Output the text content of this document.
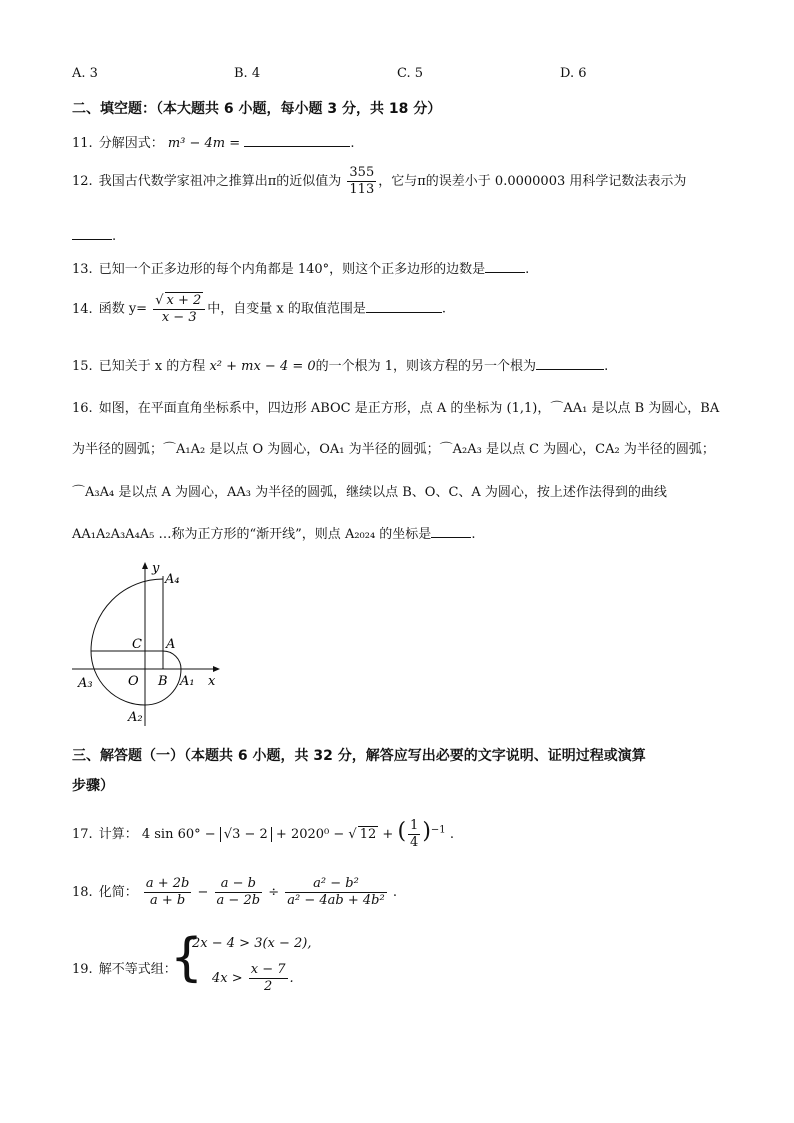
A. 3	B. 4	C. 5	D. 6
二、填空题：（本大题共 6 小题，每小题 3 分，共 18 分）
11. 分解因式： m³ − 4m =	.
12. 我国古代数学家祖冲之推算出π的近似值为 $\frac{355}{113}$ ，它与π的误差小于 0.0000003 用科学记数法表示为
.
13. 已知一个正多边形的每个内角都是 140°，则这个正多边形的边数是	.
14. 函数 $y= \frac{√ x + 2}{x - 3}$ 中，自变量 x 的取值范围是	.
15. 已知关于 x 的方程 x² + mx − 4 = 0的一个根为 1，则该方程的另一个根为	.
16. 如图，在平面直角坐标系中，四边形 ABOC 是正方形，点 A 的坐标为 (1,1)，⌒AA₁ 是以点 B 为圆心，BA
为半径的圆弧；⌒A₁A₂ 是以点 O 为圆心，OA₁ 为半径的圆弧；⌒A₂A₃ 是以点 C 为圆心，CA₂ 为半径的圆弧；
⌒A₃A₄ 是以点 A 为圆心，AA₃ 为半径的圆弧，继续以点 B、O、C、A 为圆心，按上述作法得到的曲线
AA₁A₂A₃A₄A₅ …称为正方形的“渐开线”，则点 A₂₀₂₄ 的坐标是	.
y
A₄
C A
A₃	O B A₁ x
A₂
三、解答题（一）（本题共 6 小题，共 32 分，解答应写出必要的文字说明、证明过程或演算
步骤）
17. 计算： 4 sin 60° − √3 − 2 + 2020⁰ − √ 12 + ( $\frac{1}{4} )^{-1}$ .
18. 化简： $\frac{a + 2b}{a + b} - \frac{a - b}{a - 2b} \div \frac{\text{a² − b²}}{\text{a² − 4ab + 4b²}}$ .
19. 解不等式组：
{
2x − 4 > 3(x − 2),
$4x > \frac{x - 7}{2}$ .
